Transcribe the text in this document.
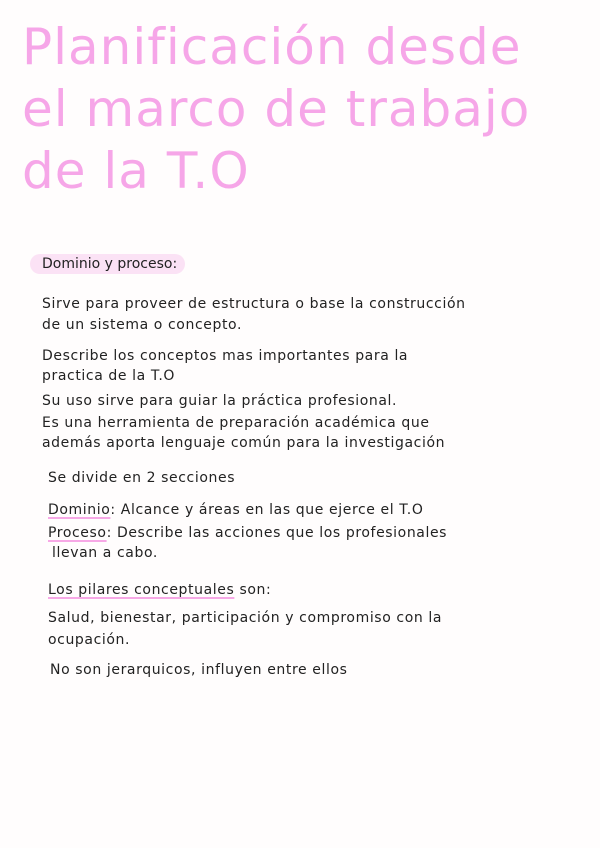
Planificación desde
el marco de trabajo
de la T.O
Dominio y proceso:
Sirve para proveer de estructura o base la construcción
de un sistema o concepto.
Describe los conceptos mas importantes para la
practica de la T.O
Su uso sirve para guiar la práctica profesional.
Es una herramienta de preparación académica que
además aporta lenguaje común para la investigación
Se divide en 2 secciones
Dominio: Alcance y áreas en las que ejerce el T.O
Proceso: Describe las acciones que los profesionales
llevan a cabo.
Los pilares conceptuales son:
Salud, bienestar, participación y compromiso con la
ocupación.
No son jerarquicos, influyen entre ellos
